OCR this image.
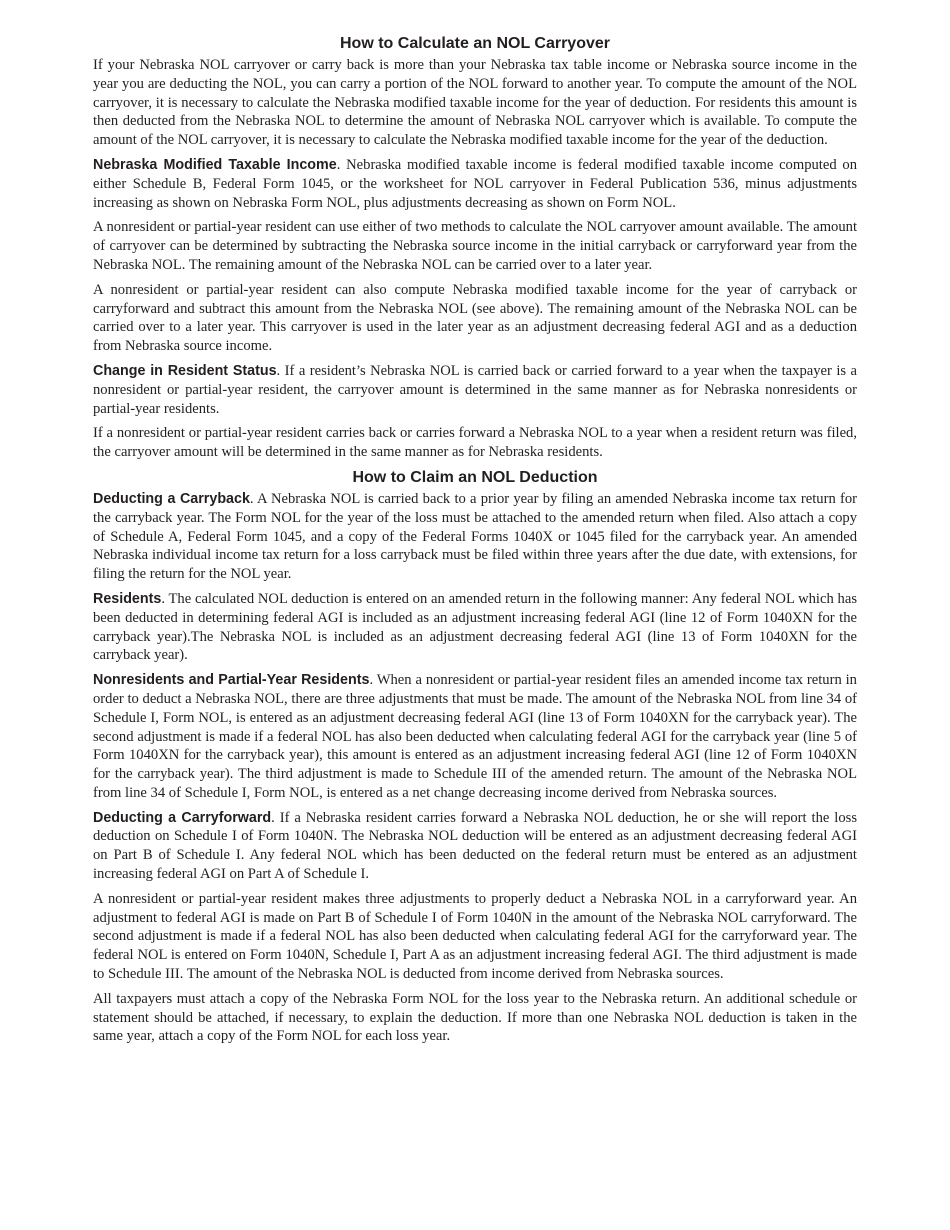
How to Calculate an NOL Carryover

If your Nebraska NOL carryover or carry back is more than your Nebraska tax table income or Nebraska source income in the year you are deducting the NOL, you can carry a portion of the NOL forward to another year. To compute the amount of the NOL carryover, it is necessary to calculate the Nebraska modified taxable income for the year of deduction. For residents this amount is then deducted from the Nebraska NOL to determine the amount of Nebraska NOL carryover which is available. To compute the amount of the NOL carryover, it is necessary to calculate the Nebraska modified taxable income for the year of the deduction.

Nebraska Modified Taxable Income. Nebraska modified taxable income is federal modified taxable income computed on either Schedule B, Federal Form 1045, or the worksheet for NOL carryover in Federal Publication 536, minus adjustments increasing as shown on Nebraska Form NOL, plus adjustments decreasing as shown on Form NOL.

A nonresident or partial-year resident can use either of two methods to calculate the NOL carryover amount available. The amount of carryover can be determined by subtracting the Nebraska source income in the initial carryback or carryforward year from the Nebraska NOL. The remaining amount of the Nebraska NOL can be carried over to a later year.

A nonresident or partial-year resident can also compute Nebraska modified taxable income for the year of carryback or carryforward and subtract this amount from the Nebraska NOL (see above). The remaining amount of the Nebraska NOL can be carried over to a later year. This carryover is used in the later year as an adjustment decreasing federal AGI and as a deduction from Nebraska source income.

Change in Resident Status. If a resident’s Nebraska NOL is carried back or carried forward to a year when the taxpayer is a nonresident or partial-year resident, the carryover amount is determined in the same manner as for Nebraska nonresidents or partial-year residents.

If a nonresident or partial-year resident carries back or carries forward a Nebraska NOL to a year when a resident return was filed, the carryover amount will be determined in the same manner as for Nebraska residents.

How to Claim an NOL Deduction

Deducting a Carryback. A Nebraska NOL is carried back to a prior year by filing an amended Nebraska income tax return for the carryback year. The Form NOL for the year of the loss must be attached to the amended return when filed. Also attach a copy of Schedule A, Federal Form 1045, and a copy of the Federal Forms 1040X or 1045 filed for the carryback year. An amended Nebraska individual income tax return for a loss carryback must be filed within three years after the due date, with extensions, for filing the return for the NOL year.

Residents. The calculated NOL deduction is entered on an amended return in the following manner: Any federal NOL which has been deducted in determining federal AGI is included as an adjustment increasing federal AGI (line 12 of Form 1040XN for the carryback year).The Nebraska NOL is included as an adjustment decreasing federal AGI (line 13 of Form 1040XN for the carryback year).

Nonresidents and Partial-Year Residents. When a nonresident or partial-year resident files an amended income tax return in order to deduct a Nebraska NOL, there are three adjustments that must be made. The amount of the Nebraska NOL from line 34 of Schedule I, Form NOL, is entered as an adjustment decreasing federal AGI (line 13 of Form 1040XN for the carryback year). The second adjustment is made if a federal NOL has also been deducted when calculating federal AGI for the carryback year (line 5 of Form 1040XN for the carryback year), this amount is entered as an adjustment increasing federal AGI (line 12 of Form 1040XN for the carryback year). The third adjustment is made to Schedule III of the amended return. The amount of the Nebraska NOL from line 34 of Schedule I, Form NOL, is entered as a net change decreasing income derived from Nebraska sources.

Deducting a Carryforward. If a Nebraska resident carries forward a Nebraska NOL deduction, he or she will report the loss deduction on Schedule I of Form 1040N. The Nebraska NOL deduction will be entered as an adjustment decreasing federal AGI on Part B of Schedule I. Any federal NOL which has been deducted on the federal return must be entered as an adjustment increasing federal AGI on Part A of Schedule I.

A nonresident or partial-year resident makes three adjustments to properly deduct a Nebraska NOL in a carryforward year. An adjustment to federal AGI is made on Part B of Schedule I of Form 1040N in the amount of the Nebraska NOL carryforward. The second adjustment is made if a federal NOL has also been deducted when calculating federal AGI for the carryforward year. The federal NOL is entered on Form 1040N, Schedule I, Part A as an adjustment increasing federal AGI. The third adjustment is made to Schedule III. The amount of the Nebraska NOL is deducted from income derived from Nebraska sources.

All taxpayers must attach a copy of the Nebraska Form NOL for the loss year to the Nebraska return. An additional schedule or statement should be attached, if necessary, to explain the deduction. If more than one Nebraska NOL deduction is taken in the same year, attach a copy of the Form NOL for each loss year.
